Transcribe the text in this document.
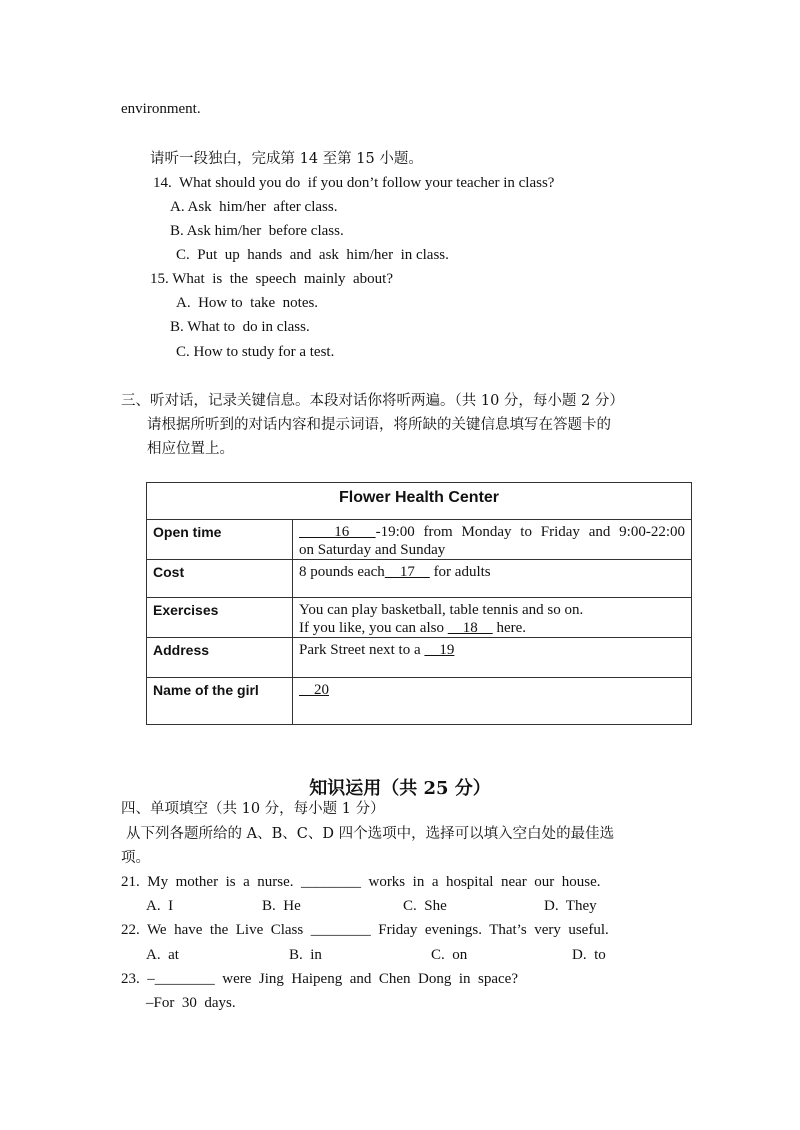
environment.
请听一段独白，完成第 14 至第 15 小题。
14.  What should you do  if you don’t follow your teacher in class?
A. Ask  him/her  after class.
B. Ask him/her  before class.
C.  Put  up  hands  and  ask  him/her  in class.
15. What  is  the  speech  mainly  about?
A.  How to  take  notes.
B. What to  do in class.
C. How to study for a test.
三、听对话，记录关键信息。本段对话你将听两遍。（共 10 分，每小题 2 分）
请根据所听到的对话内容和提示词语，将所缺的关键信息填写在答题卡的
相应位置上。
Flower Health Center	
Open time	16   -19:00 from Monday to Friday and 9:00-22:00
on Saturday and Sunday

Cost	8 pounds each    17     for adults
Exercises	You can play basketball, table tennis and so on.
If you like, you can also     18     here.

Address	Park Street next to a     19
Name of the girl	20
知识运用（共 25 分）
四、单项填空（共 10 分，每小题 1 分）
从下列各题所给的 A、B、C、D 四个选项中，选择可以填入空白处的最佳选
项。
21.  My  mother  is  a  nurse.  ________  works  in  a  hospital  near  our  house.
A.  I	B.  He	C.  She	D.  They
22.  We  have  the  Live  Class  ________  Friday  evenings.  That’s  very  useful.
A.  at	B.  in	C.  on	D.  to
23.  –________  were  Jing  Haipeng  and  Chen  Dong  in  space?
–For  30  days.
